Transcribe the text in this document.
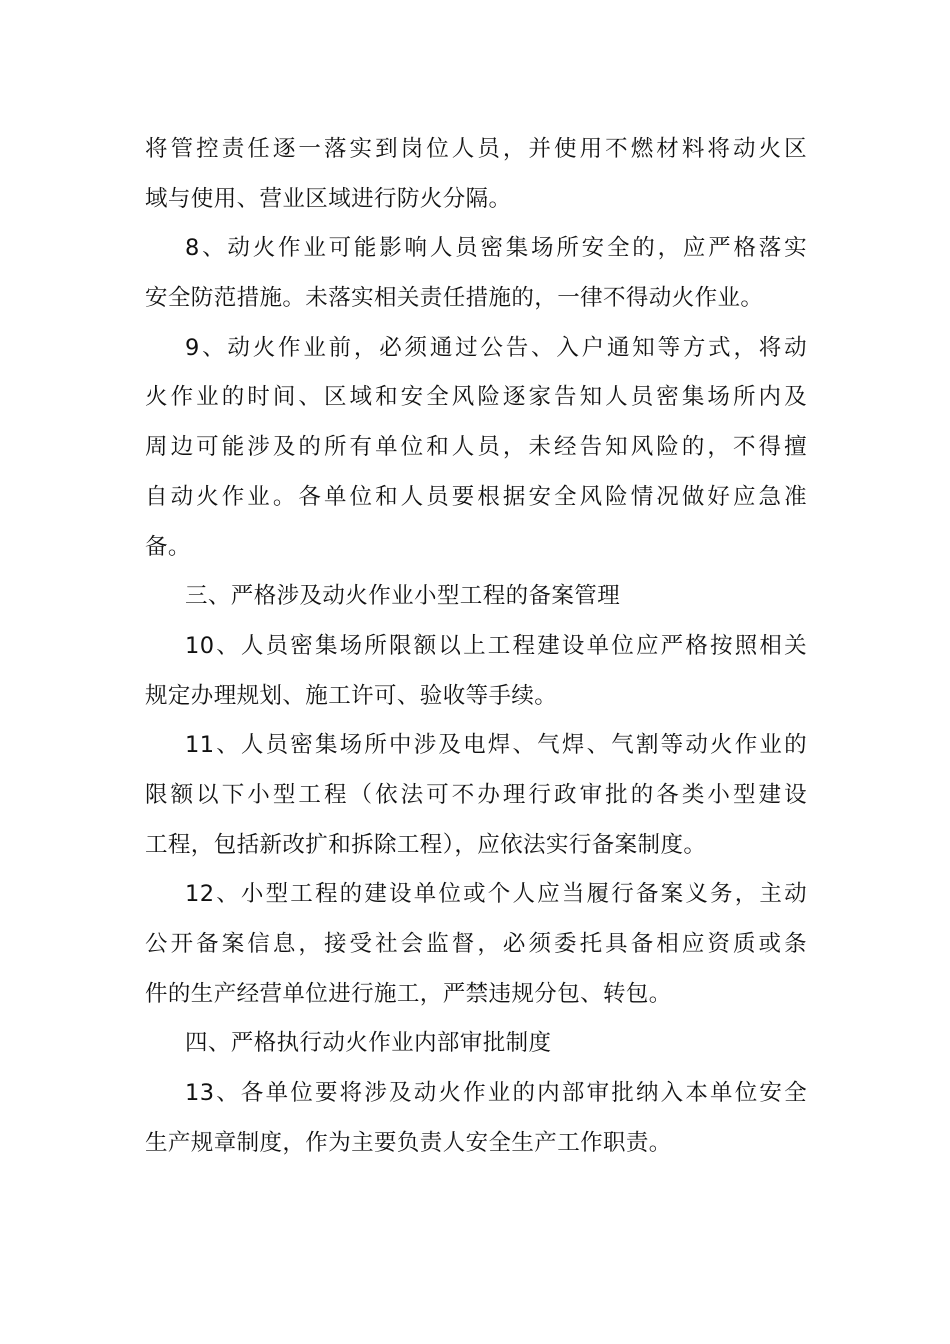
将管控责任逐一落实到岗位人员，并使用不燃材料将动火区
域与使用、营业区域进行防火分隔。
8、动火作业可能影响人员密集场所安全的，应严格落实
安全防范措施。未落实相关责任措施的，一律不得动火作业。
9、动火作业前，必须通过公告、入户通知等方式，将动
火作业的时间、区域和安全风险逐家告知人员密集场所内及
周边可能涉及的所有单位和人员，未经告知风险的，不得擅
自动火作业。各单位和人员要根据安全风险情况做好应急准
备。
三、严格涉及动火作业小型工程的备案管理
10、人员密集场所限额以上工程建设单位应严格按照相关
规定办理规划、施工许可、验收等手续。
11、人员密集场所中涉及电焊、气焊、气割等动火作业的
限额以下小型工程（依法可不办理行政审批的各类小型建设
工程，包括新改扩和拆除工程），应依法实行备案制度。
12、小型工程的建设单位或个人应当履行备案义务，主动
公开备案信息，接受社会监督，必须委托具备相应资质或条
件的生产经营单位进行施工，严禁违规分包、转包。
四、严格执行动火作业内部审批制度
13、各单位要将涉及动火作业的内部审批纳入本单位安全
生产规章制度，作为主要负责人安全生产工作职责。
